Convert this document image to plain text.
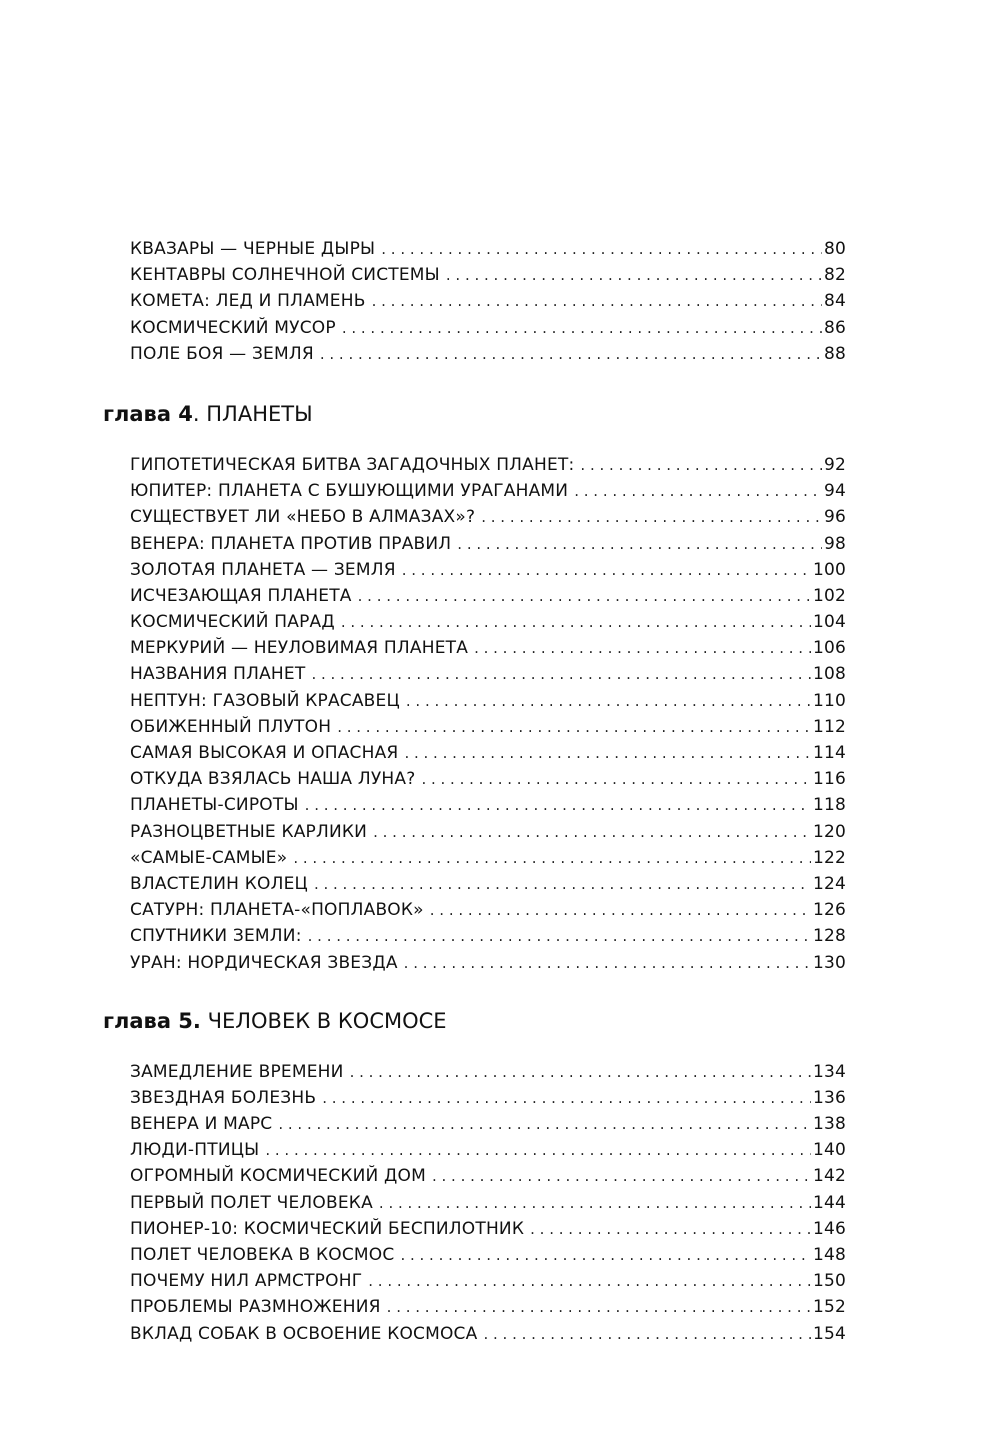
КВАЗАРЫ — ЧЕРНЫЕ ДЫРЫ . . .	80
КЕНТАВРЫ СОЛНЕЧНОЙ СИСТЕМЫ . . .	82
КОМЕТА: ЛЕД И ПЛАМЕНЬ . . .	84
КОСМИЧЕСКИЙ МУСОР . . .	86
ПОЛЕ БОЯ — ЗЕМЛЯ . . .	88
глава 4. ПЛАНЕТЫ
ГИПОТЕТИЧЕСКАЯ БИТВА ЗАГАДОЧНЫХ ПЛАНЕТ: . . .	92
ЮПИТЕР: ПЛАНЕТА С БУШУЮЩИМИ УРАГАНАМИ . . .	94
СУЩЕСТВУЕТ ЛИ «НЕБО В АЛМАЗАХ»? . . .	96
ВЕНЕРА: ПЛАНЕТА ПРОТИВ ПРАВИЛ . . .	98
ЗОЛОТАЯ ПЛАНЕТА — ЗЕМЛЯ . . .	100
ИСЧЕЗАЮЩАЯ ПЛАНЕТА . . .	102
КОСМИЧЕСКИЙ ПАРАД . . .	104
МЕРКУРИЙ — НЕУЛОВИМАЯ ПЛАНЕТА . . .	106
НАЗВАНИЯ ПЛАНЕТ . . .	108
НЕПТУН: ГАЗОВЫЙ КРАСАВЕЦ . . .	110
ОБИЖЕННЫЙ ПЛУТОН . . .	112
САМАЯ ВЫСОКАЯ И ОПАСНАЯ . . .	114
ОТКУДА ВЗЯЛАСЬ НАША ЛУНА? . . .	116
ПЛАНЕТЫ-СИРОТЫ . . .	118
РАЗНОЦВЕТНЫЕ КАРЛИКИ . . .	120
«САМЫЕ-САМЫЕ» . . .	122
ВЛАСТЕЛИН КОЛЕЦ . . .	124
САТУРН: ПЛАНЕТА-«ПОПЛАВОК» . . .	126
СПУТНИКИ ЗЕМЛИ: . . .	128
УРАН: НОРДИЧЕСКАЯ ЗВЕЗДА . . .	130
глава 5. ЧЕЛОВЕК В КОСМОСЕ
ЗАМЕДЛЕНИЕ ВРЕМЕНИ . . .	134
ЗВЕЗДНАЯ БОЛЕЗНЬ . . .	136
ВЕНЕРА И МАРС . . .	138
ЛЮДИ-ПТИЦЫ . . .	140
ОГРОМНЫЙ КОСМИЧЕСКИЙ ДОМ . . .	142
ПЕРВЫЙ ПОЛЕТ ЧЕЛОВЕКА . . .	144
ПИОНЕР-10: КОСМИЧЕСКИЙ БЕСПИЛОТНИК . . .	146
ПОЛЕТ ЧЕЛОВЕКА В КОСМОС . . .	148
ПОЧЕМУ НИЛ АРМСТРОНГ . . .	150
ПРОБЛЕМЫ РАЗМНОЖЕНИЯ . . .	152
ВКЛАД СОБАК В ОСВОЕНИЕ КОСМОСА . . .	154
